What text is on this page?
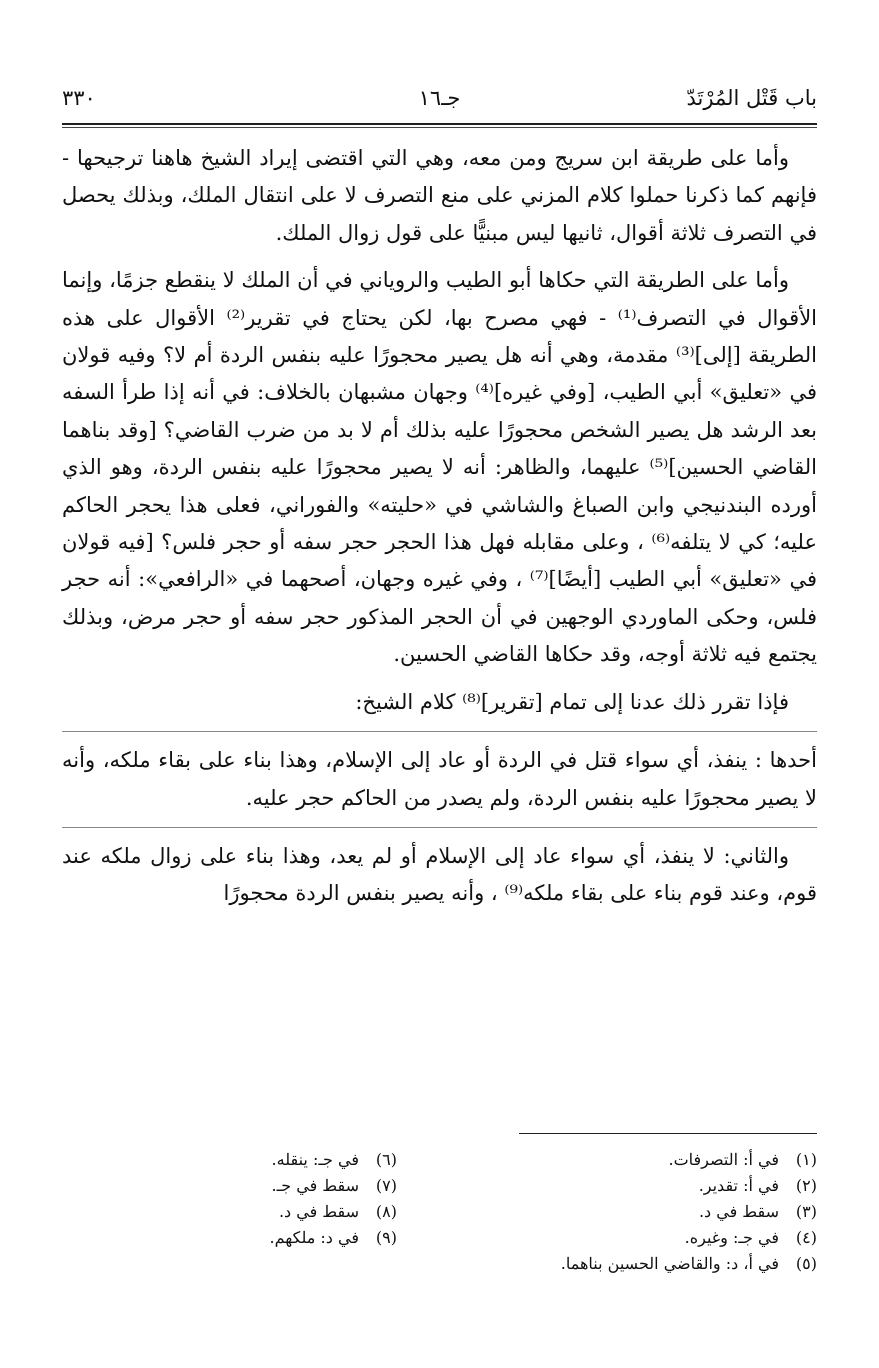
باب قَتْل المُرْتَدّ
جـ١٦
٣٣٠

وأما على طريقة ابن سريج ومن معه، وهي التي اقتضى إيراد الشيخ هاهنا ترجيحها - فإنهم كما ذكرنا حملوا كلام المزني على منع التصرف لا على انتقال الملك، وبذلك يحصل في التصرف ثلاثة أقوال، ثانيها ليس مبنيًّا على قول زوال الملك.

وأما على الطريقة التي حكاها أبو الطيب والروياني في أن الملك لا ينقطع جزمًا، وإنما الأقوال في التصرف⁽¹⁾ - فهي مصرح بها، لكن يحتاج في تقرير⁽²⁾ الأقوال على هذه الطريقة [إلى]⁽³⁾ مقدمة، وهي أنه هل يصير محجورًا عليه بنفس الردة أم لا؟ وفيه قولان في «تعليق» أبي الطيب، [وفي غيره]⁽⁴⁾ وجهان مشبهان بالخلاف: في أنه إذا طرأ السفه بعد الرشد هل يصير الشخص محجورًا عليه بذلك أم لا بد من ضرب القاضي؟ [وقد بناهما القاضي الحسين]⁽⁵⁾ عليهما، والظاهر: أنه لا يصير محجورًا عليه بنفس الردة، وهو الذي أورده البندنيجي وابن الصباغ والشاشي في «حليته» والفوراني، فعلى هذا يحجر الحاكم عليه؛ كي لا يتلفه⁽⁶⁾ ، وعلى مقابله فهل هذا الحجر حجر سفه أو حجر فلس؟ [فيه قولان في «تعليق» أبي الطيب [أيضًا]⁽⁷⁾ ، وفي غيره وجهان، أصحهما في «الرافعي»: أنه حجر فلس، وحكى الماوردي الوجهين في أن الحجر المذكور حجر سفه أو حجر مرض، وبذلك يجتمع فيه ثلاثة أوجه، وقد حكاها القاضي الحسين.

فإذا تقرر ذلك عدنا إلى تمام [تقرير]⁽⁸⁾ كلام الشيخ:

أحدها : ينفذ، أي سواء قتل في الردة أو عاد إلى الإسلام، وهذا بناء على بقاء ملكه، وأنه لا يصير محجورًا عليه بنفس الردة، ولم يصدر من الحاكم حجر عليه.

والثاني: لا ينفذ، أي سواء عاد إلى الإسلام أو لم يعد، وهذا بناء على زوال ملكه عند قوم، وعند قوم بناء على بقاء ملكه⁽⁹⁾ ، وأنه يصير بنفس الردة محجورًا

(١)في أ: التصرفات.
(٢)في أ: تقدير.
(٣)سقط في د.
(٤)في جـ: وغيره.
(٥)في أ، د: والقاضي الحسين بناهما.
(٦)في جـ: ينقله.
(٧)سقط في جـ.
(٨)سقط في د.
(٩)في د: ملكهم.
